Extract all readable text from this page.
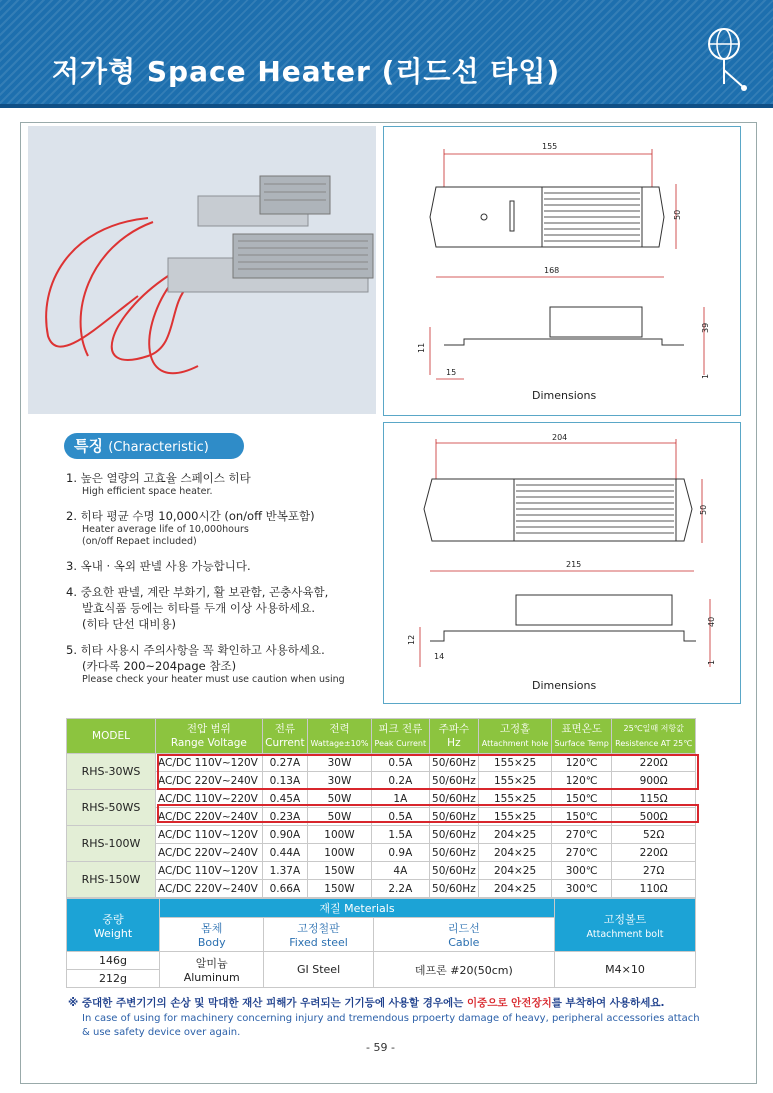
저가형 Space Heater (리드선 타입)
155
50
168
39
11
15	1
Dimensions
204
50
215
40
12
14
1
Dimensions
특징 (Characteristic)
1. 높은 열량의 고효율 스페이스 히타
High efficient space heater.
2. 히타 평균 수명 10,000시간 (on/off 반복포함)
Heater average life of 10,000hours
(on/off Repaet included)
3. 옥내 · 옥외 판넬 사용 가능합니다.
4. 중요한 판넬, 계란 부화기, 활 보관함, 곤충사육함,
발효식품 등에는 히타를 두개 이상 사용하세요.
(히타 단선 대비용)
5. 히타 사용시 주의사항을 꼭 확인하고 사용하세요.
(카다록 200~204page 참조)
Please check your heater must use caution when using
MODEL	전압 범위
Range Voltage	전류
Current	전력
Wattage±10%	피크 전류
Peak Current	주파수
Hz	고정홀
Attachment hole	표면온도
Surface Temp	25℃일때 저항값
Resistence AT 25℃
RHS-30WS	AC/DC 110V~120V	0.27A	30W	0.5A	50/60Hz	155×25	120℃	220Ω
	AC/DC 220V~240V	0.13A	30W	0.2A	50/60Hz	155×25	120℃	900Ω
RHS-50WS	AC/DC 110V~220V	0.45A	50W	1A	50/60Hz	155×25	150℃	115Ω
	AC/DC 220V~240V	0.23A	50W	0.5A	50/60Hz	155×25	150℃	500Ω
RHS-100W	AC/DC 110V~120V	0.90A	100W	1.5A	50/60Hz	204×25	270℃	52Ω
	AC/DC 220V~240V	0.44A	100W	0.9A	50/60Hz	204×25	270℃	220Ω
RHS-150W	AC/DC 110V~120V	1.37A	150W	4A	50/60Hz	204×25	300℃	27Ω
	AC/DC 220V~240V	0.66A	150W	2.2A	50/60Hz	204×25	300℃	110Ω
중량
Weight	재질 Meterials			고정볼트
Attachment bolt
	몸체
Body	고정철판
Fixed steel	리드선
Cable	
146g	알미늄
Aluminum	GI Steel	데프론 #20(50cm)	M4×10
212g				
※ 중대한 주변기기의 손상 및 막대한 재산 피해가 우려되는 기기등에 사용할 경우에는 이중으로 안전장치를 부착하여 사용하세요.
In case of using for machinery concerning injury and tremendous prpoerty damage of heavy, peripheral accessories attach & use safety device over again.
- 59 -
